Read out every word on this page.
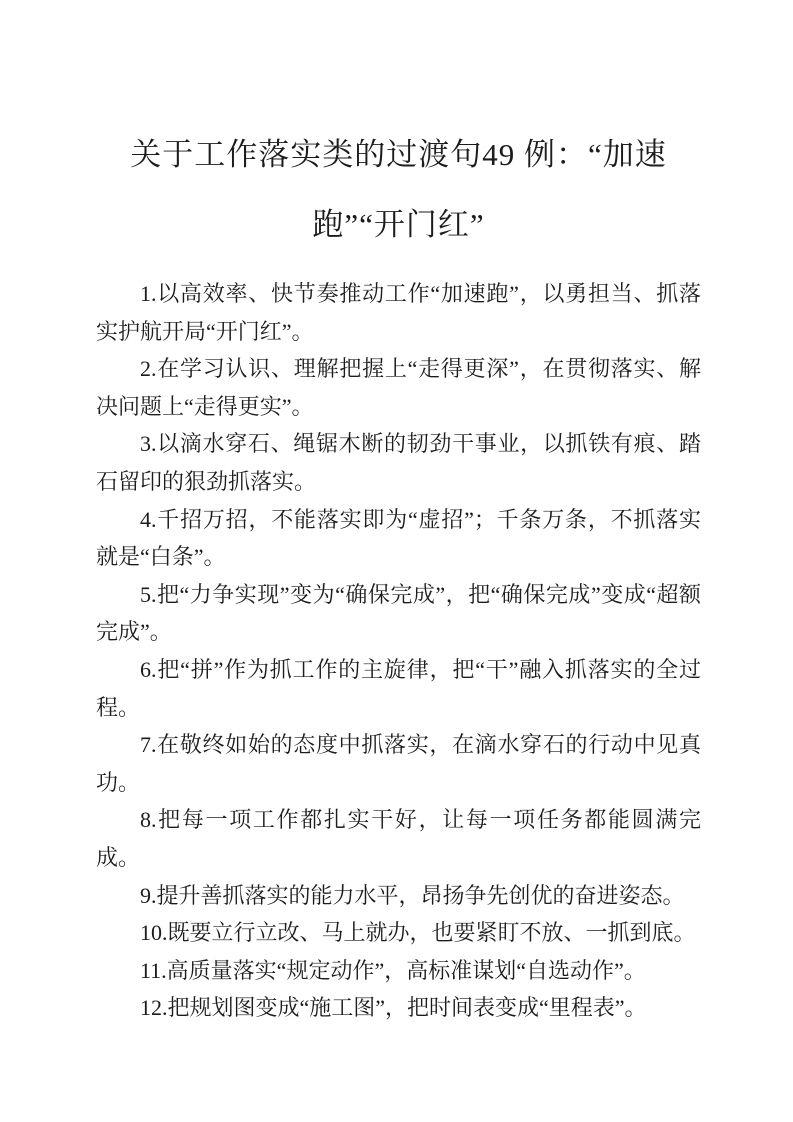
关于工作落实类的过渡句49 例：“加速
跑”“开门红”

1.以高效率、快节奏推动工作“加速跑”，以勇担当、抓落实护航开局“开门红”。

2.在学习认识、理解把握上“走得更深”，在贯彻落实、解决问题上“走得更实”。

3.以滴水穿石、绳锯木断的韧劲干事业，以抓铁有痕、踏石留印的狠劲抓落实。

4.千招万招，不能落实即为“虚招”；千条万条，不抓落实就是“白条”。

5.把“力争实现”变为“确保完成”，把“确保完成”变成“超额完成”。

6.把“拼”作为抓工作的主旋律，把“干”融入抓落实的全过程。

7.在敬终如始的态度中抓落实，在滴水穿石的行动中见真功。

8.把每一项工作都扎实干好，让每一项任务都能圆满完成。

9.提升善抓落实的能力水平，昂扬争先创优的奋进姿态。

10.既要立行立改、马上就办，也要紧盯不放、一抓到底。

11.高质量落实“规定动作”，高标准谋划“自选动作”。

12.把规划图变成“施工图”，把时间表变成“里程表”。
